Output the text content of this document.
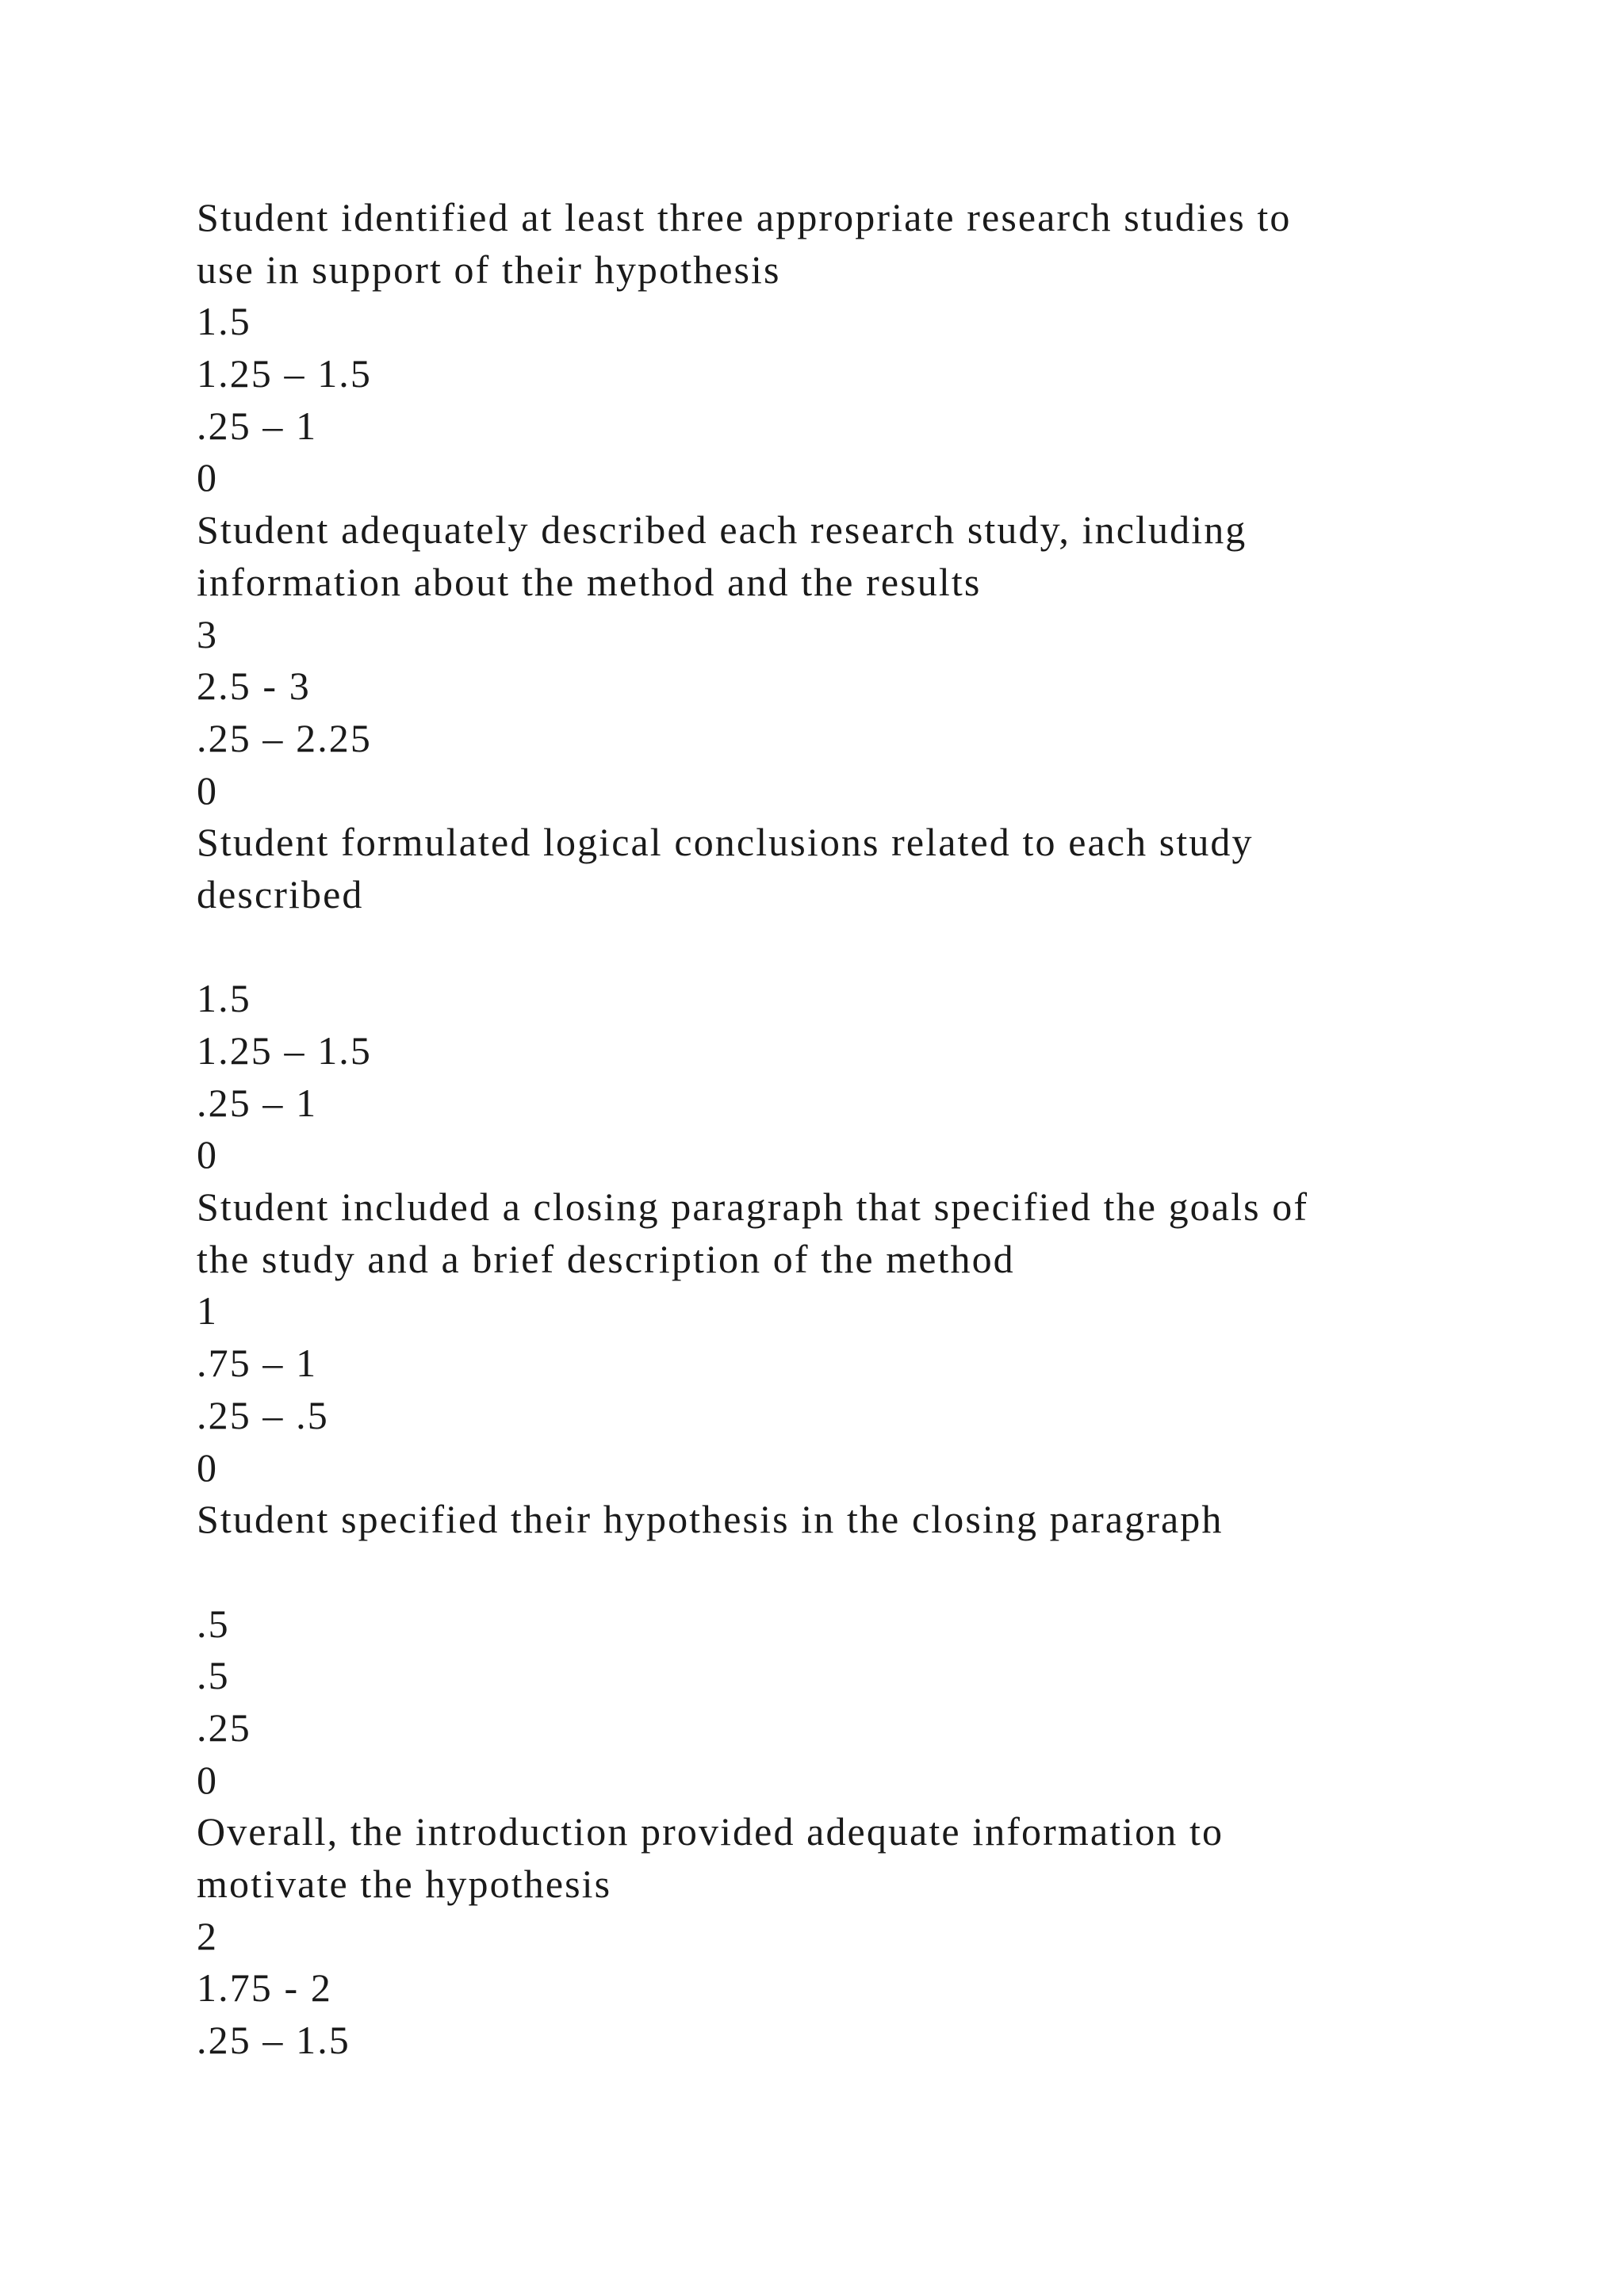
Student identified at least three appropriate research studies to
use in support of their hypothesis
1.5
1.25 – 1.5
.25 – 1
0
Student adequately described each research study, including
information about the method and the results
3
2.5 - 3
.25 – 2.25
0
Student formulated logical conclusions related to each study
described
1.5
1.25 – 1.5
.25 – 1
0
Student included a closing paragraph that specified the goals of
the study and a brief description of the method
1
.75 – 1
.25 – .5
0
Student specified their hypothesis in the closing paragraph
.5
.5
.25
0
Overall, the introduction provided adequate information to
motivate the hypothesis
2
1.75 - 2
.25 – 1.5
